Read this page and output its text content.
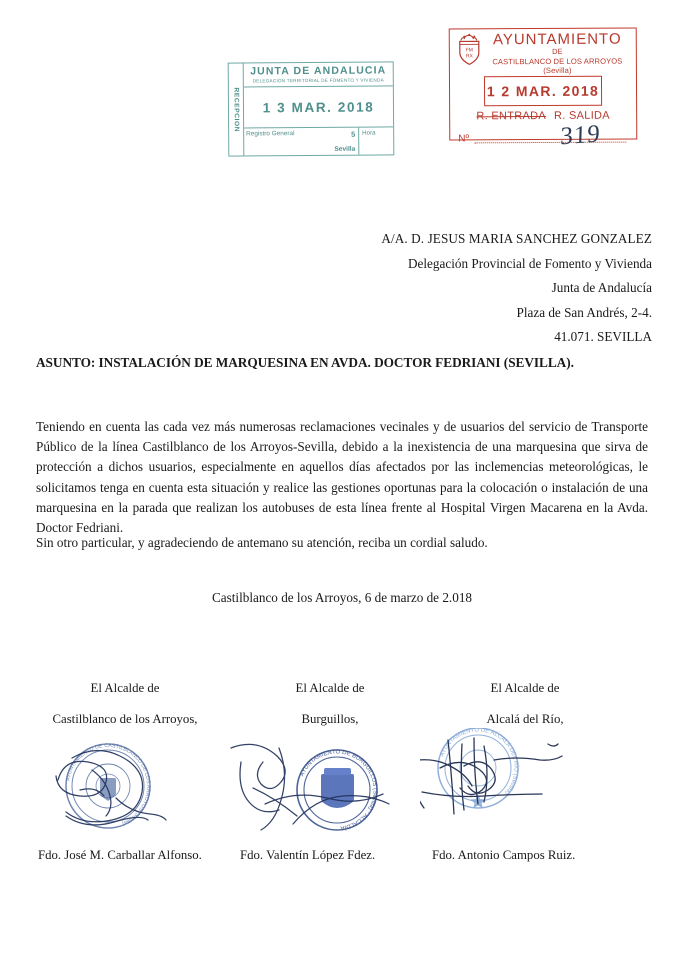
RECEPCION
JUNTA DE ANDALUCIA
DELEGACIÓN TERRITORIAL DE FOMENTO Y VIVIENDA
1 3 MAR. 2018
Registro General	5
Sevilla
Hora
FM
RX
AYUNTAMIENTO
DE
CASTILBLANCO DE LOS ARROYOS (Sevilla)
1 2 MAR. 2018
R. ENTRADA R. SALIDA
Nº	319
A/A. D. JESUS MARIA SANCHEZ GONZALEZ
Delegación Provincial de Fomento y Vivienda
Junta de Andalucía
Plaza de San Andrés, 2-4.
41.071. SEVILLA
ASUNTO: INSTALACIÓN DE MARQUESINA EN AVDA. DOCTOR FEDRIANI (SEVILLA).
Teniendo en cuenta las cada vez más numerosas reclamaciones vecinales y de usuarios del servicio de Transporte Público de la línea Castilblanco de los Arroyos-Sevilla, debido a la inexistencia de una marquesina que sirva de protección a dichos usuarios, especialmente en aquellos días afectados por las inclemencias meteorológicas, le solicitamos tenga en cuenta esta situación y realice las gestiones oportunas para la colocación o instalación de una marquesina en la parada que realizan los autobuses de esta línea frente al Hospital Virgen Macarena en la Avda. Doctor Fedriani.
Sin otro particular, y agradeciendo de antemano su atención, reciba un cordial saludo.
Castilblanco de los Arroyos, 6 de marzo de 2.018
El Alcalde de
Castilblanco de los Arroyos,
AYUNTAMIENTO DE CASTILBLANCO DE LOS ARROYOS (Sevilla)
El Alcalde de
Burguillos,
AYUNTAMIENTO DE BURGUILLOS (Sevilla) · ALCALDÍA
El Alcalde de
Alcalá del Río,
AYUNTAMIENTO DE ALCALÁ DEL RÍO (Sevilla)
Fdo. José M. Carballar Alfonso.	Fdo. Valentín López Fdez.	Fdo. Antonio Campos Ruiz.
